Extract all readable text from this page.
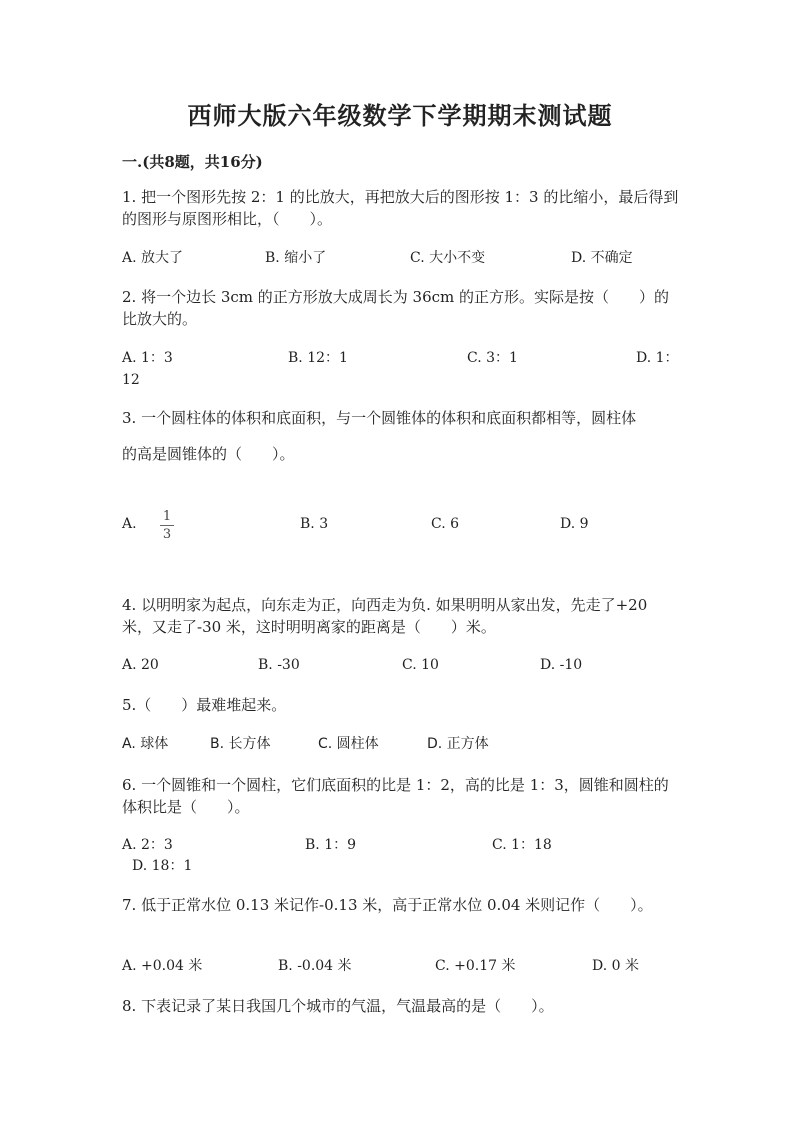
西师大版六年级数学下学期期末测试题
一.(共8题，共16分)
1. 把一个图形先按 2：1 的比放大，再把放大后的图形按 1：3 的比缩小，最后得到的图形与原图形相比，（　　）。
A. 放大了	B. 缩小了	C. 大小不变	D. 不确定
2. 将一个边长 3cm 的正方形放大成周长为 36cm 的正方形。实际是按（　　）的比放大的。
A. 1：3	B. 12：1	C. 3：1	D. 1：
12
3. 一个圆柱体的体积和底面积，与一个圆锥体的体积和底面积都相等，圆柱体
的高是圆锥体的（　　）。
A. 1
3
B. 3	C. 6	D. 9
4. 以明明家为起点，向东走为正，向西走为负. 如果明明从家出发，先走了+20 米，又走了-30 米，这时明明离家的距离是（　　）米。
A. 20	B. -30	C. 10	D. -10
5.（　　）最难堆起来。
A. 球体	B. 长方体	C. 圆柱体	D. 正方体
6. 一个圆锥和一个圆柱，它们底面积的比是 1：2，高的比是 1：3，圆锥和圆柱的体积比是（　　）。
A. 2：3	B. 1：9	C. 1：18
D. 18：1
7. 低于正常水位 0.13 米记作-0.13 米，高于正常水位 0.04 米则记作（　　）。
A. +0.04 米	B. -0.04 米	C. +0.17 米	D. 0 米
8. 下表记录了某日我国几个城市的气温，气温最高的是（　　）。
